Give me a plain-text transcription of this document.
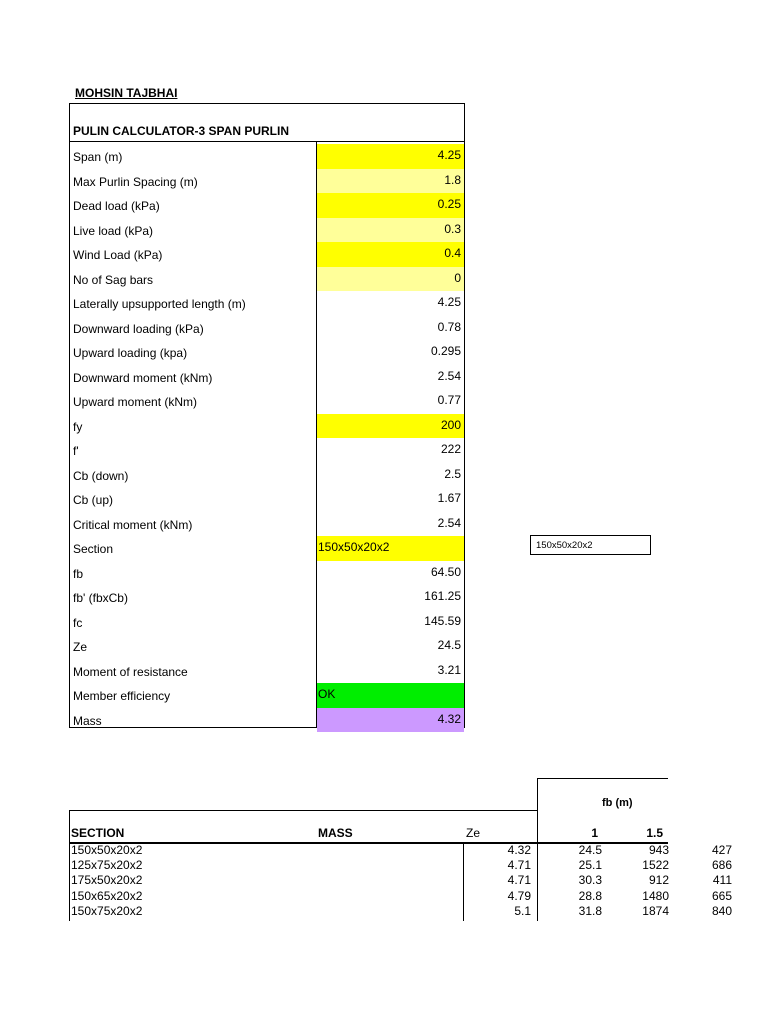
MOHSIN TAJBHAI
PULIN CALCULATOR-3 SPAN PURLIN
Span (m)	4.25
Max Purlin Spacing (m)	1.8
Dead load (kPa)	0.25
Live load (kPa)	0.3
Wind Load (kPa)	0.4
No of Sag bars	0
Laterally upsupported length (m)	4.25
Downward loading (kPa)	0.78
Upward loading (kpa)	0.295
Downward moment (kNm)	2.54
Upward moment (kNm)	0.77
fy	200
f'	222
Cb (down)	2.5
Cb (up)	1.67
Critical moment (kNm)	2.54
Section	150x50x20x2
fb	64.50
fb' (fbxCb)	161.25
fc	145.59
Ze	24.5
Moment of resistance	3.21
Member efficiency	OK
Mass	4.32
150x50x20x2
fb (m)
SECTION	MASS	Ze	1	1.5
150x50x20x2	4.32	24.5	943	427
125x75x20x2	4.71	25.1	1522	686
175x50x20x2	4.71	30.3	912	411
150x65x20x2	4.79	28.8	1480	665
150x75x20x2	5.1	31.8	1874	840
